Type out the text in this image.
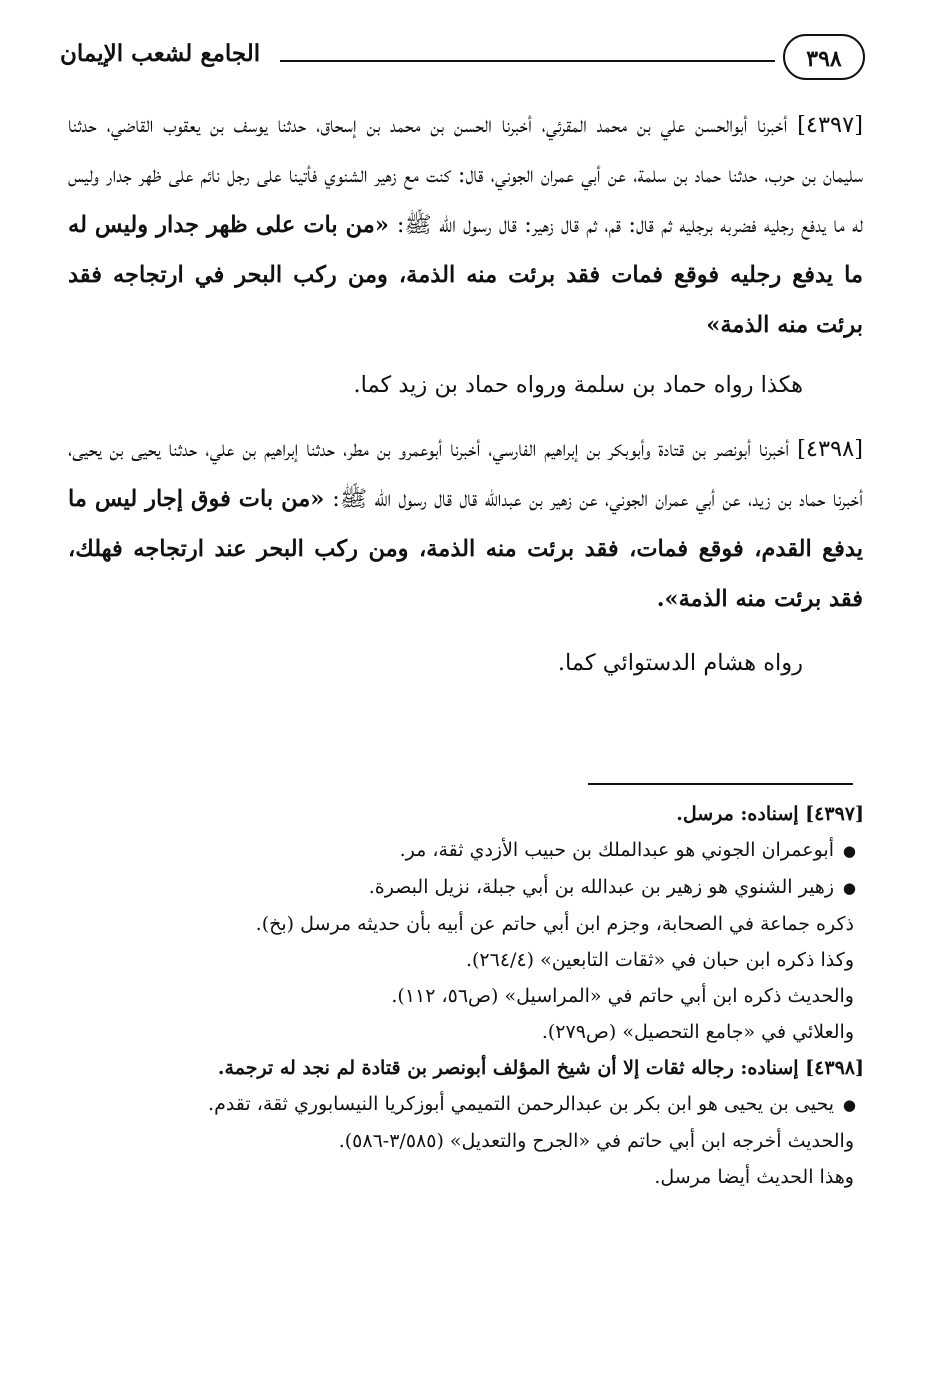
الجامع لشعب الإيمان	٣٩٨

[٤٣٩٧] أخبرنا أبوالحسن علي بن محمد المقرئي، أخبرنا الحسن بن محمد بن إسحاق، حدثنا يوسف بن يعقوب القاضي، حدثنا سليمان بن حرب، حدثنا حماد بن سلمة، عن أبي عمران الجوني، قال: كنت مع زهير الشنوي فأتينا على رجل نائم على ظهر جدار وليس له ما يدفع رجليه فضربه برجليه ثم قال: قم، ثم قال زهير: قال رسول الله ﷺ: «من بات على ظهر جدار وليس له ما يدفع رجليه فوقع فمات فقد برئت منه الذمة، ومن ركب البحر في ارتجاجه فقد برئت منه الذمة»

هكذا رواه حماد بن سلمة ورواه حماد بن زيد كما.

[٤٣٩٨] أخبرنا أبونصر بن قتادة وأبوبكر بن إبراهيم الفارسي، أخبرنا أبوعمرو بن مطر، حدثنا إبراهيم بن علي، حدثنا يحيى بن يحيى، أخبرنا حماد بن زيد، عن أبي عمران الجوني، عن زهير بن عبدالله قال قال رسول الله ﷺ: «من بات فوق إجار ليس ما يدفع القدم، فوقع فمات، فقد برئت منه الذمة، ومن ركب البحر عند ارتجاجه فهلك، فقد برئت منه الذمة».

رواه هشام الدستوائي كما.

[٤٣٩٧] إسناده: مرسل.

●أبوعمران الجوني هو عبدالملك بن حبيب الأزدي ثقة، مر.

●زهير الشنوي هو زهير بن عبدالله بن أبي جبلة، نزيل البصرة.

ذكره جماعة في الصحابة، وجزم ابن أبي حاتم عن أبيه بأن حديثه مرسل (بخ).

وكذا ذكره ابن حبان في «ثقات التابعين» (٢٦٤/٤).

والحديث ذكره ابن أبي حاتم في «المراسيل» (ص٥٦، ١١٢).

والعلائي في «جامع التحصيل» (ص٢٧٩).

[٤٣٩٨] إسناده: رجاله ثقات إلا أن شيخ المؤلف أبونصر بن قتادة لم نجد له ترجمة.

●يحيى بن يحيى هو ابن بكر بن عبدالرحمن التميمي أبوزكريا النيسابوري ثقة، تقدم.

والحديث أخرجه ابن أبي حاتم في «الجرح والتعديل» (٣/٥٨٥-٥٨٦).

وهذا الحديث أيضا مرسل.
